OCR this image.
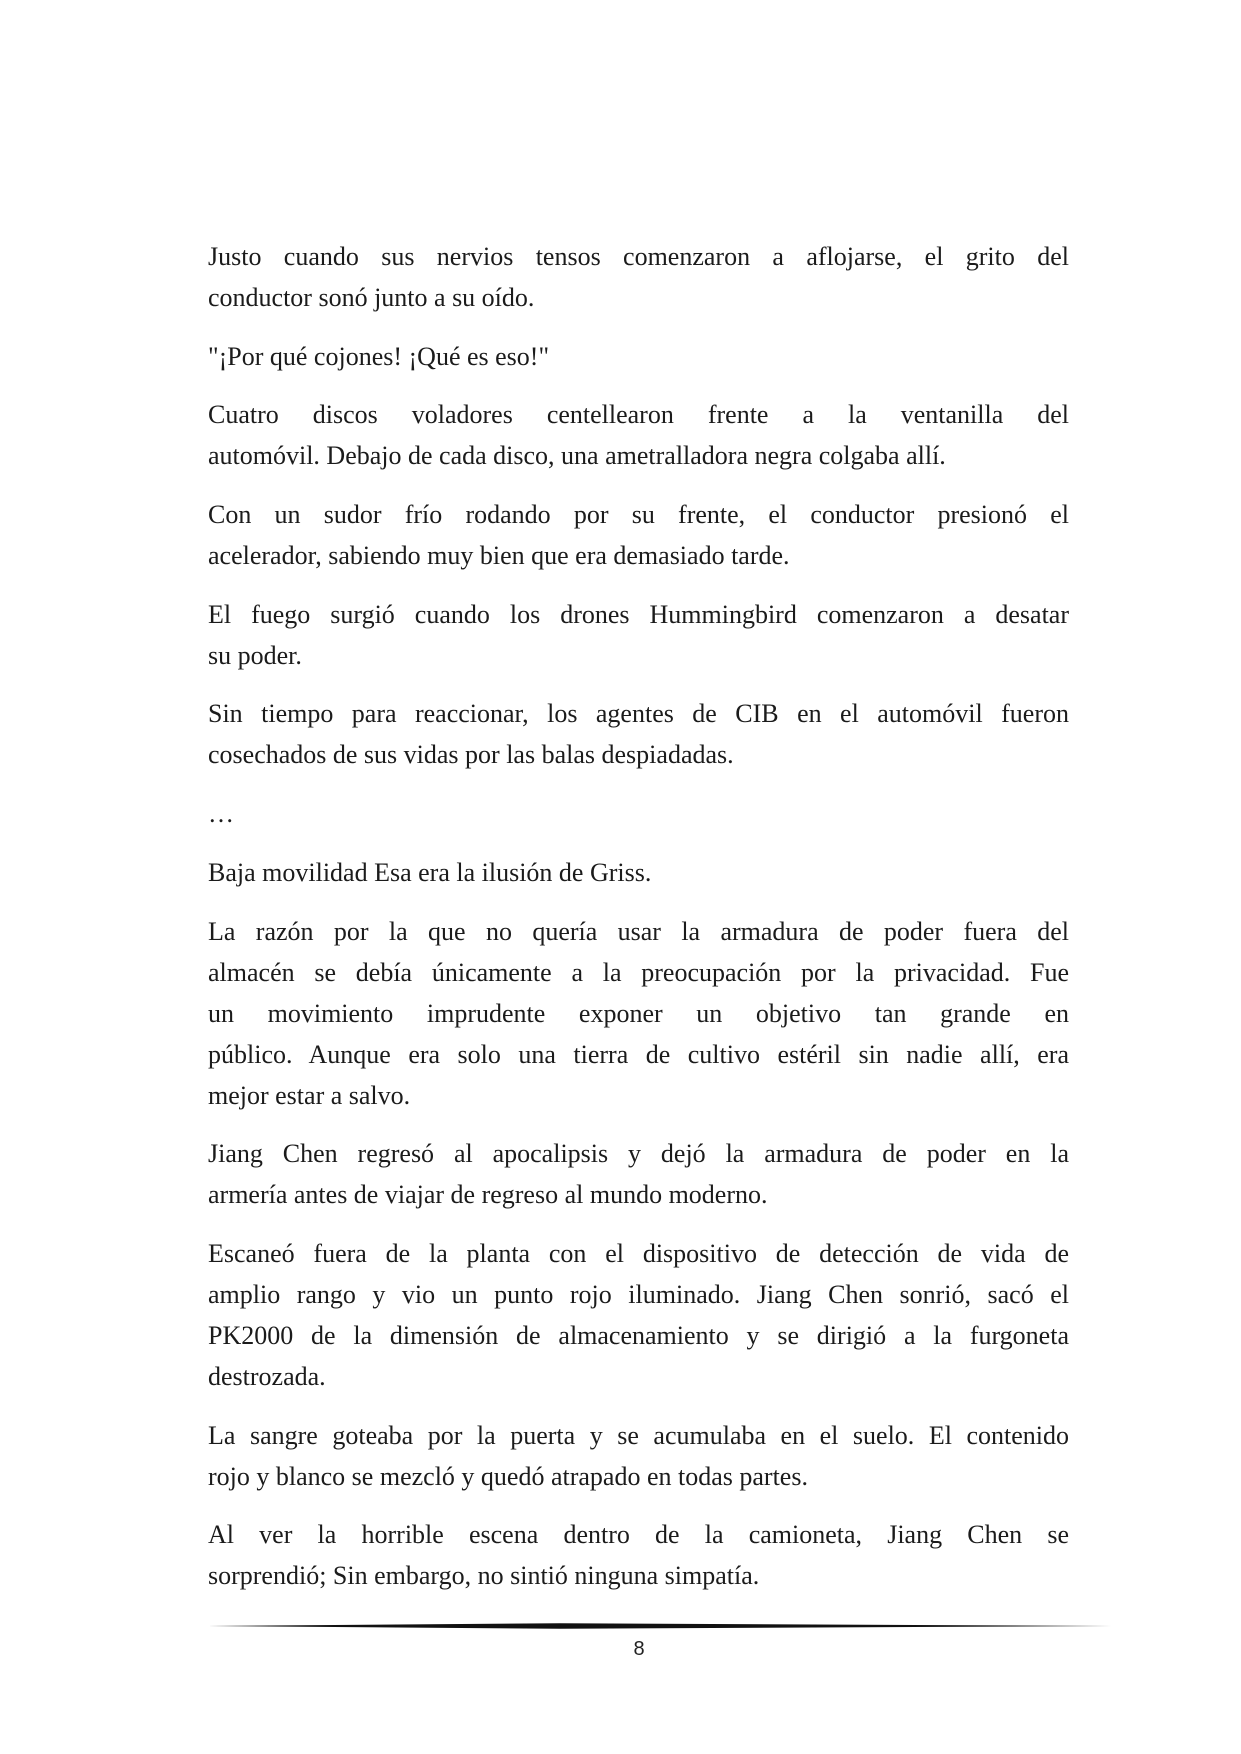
Justo cuando sus nervios tensos comenzaron a aflojarse, el grito del
conductor sonó junto a su oído.
"¡Por qué cojones! ¡Qué es eso!"
Cuatro discos voladores centellearon frente a la ventanilla del
automóvil. Debajo de cada disco, una ametralladora negra colgaba allí.
Con un sudor frío rodando por su frente, el conductor presionó el
acelerador, sabiendo muy bien que era demasiado tarde.
El fuego surgió cuando los drones Hummingbird comenzaron a desatar
su poder.
Sin tiempo para reaccionar, los agentes de CIB en el automóvil fueron
cosechados de sus vidas por las balas despiadadas.
…
Baja movilidad Esa era la ilusión de Griss.
La razón por la que no quería usar la armadura de poder fuera del
almacén se debía únicamente a la preocupación por la privacidad. Fue
un movimiento imprudente exponer un objetivo tan grande en
público. Aunque era solo una tierra de cultivo estéril sin nadie allí, era
mejor estar a salvo.
Jiang Chen regresó al apocalipsis y dejó la armadura de poder en la
armería antes de viajar de regreso al mundo moderno.
Escaneó fuera de la planta con el dispositivo de detección de vida de
amplio rango y vio un punto rojo iluminado. Jiang Chen sonrió, sacó el
PK2000 de la dimensión de almacenamiento y se dirigió a la furgoneta
destrozada.
La sangre goteaba por la puerta y se acumulaba en el suelo. El contenido
rojo y blanco se mezcló y quedó atrapado en todas partes.
Al ver la horrible escena dentro de la camioneta, Jiang Chen se
sorprendió; Sin embargo, no sintió ninguna simpatía.
8
